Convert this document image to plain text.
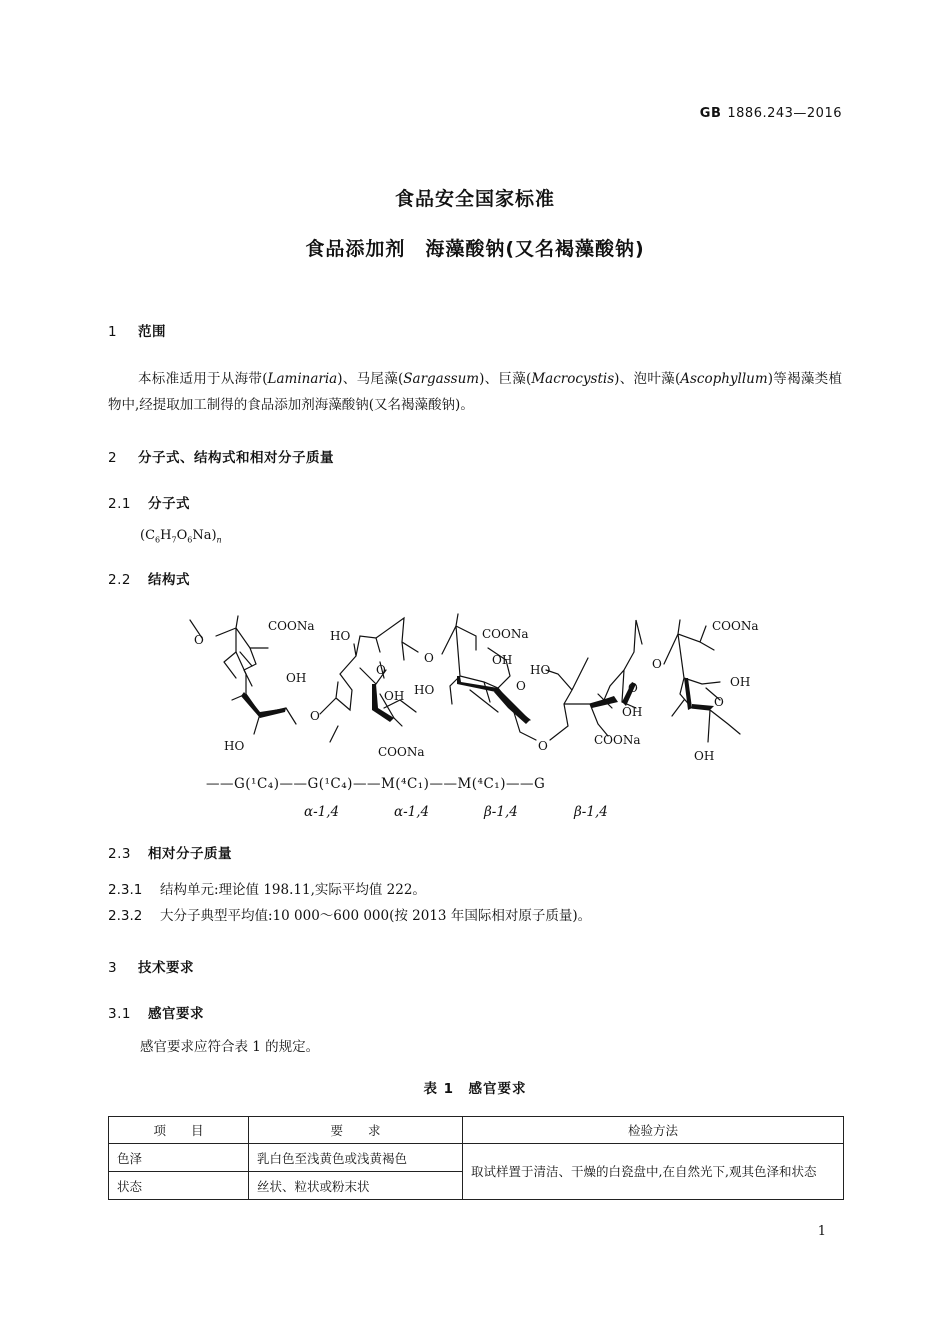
GB 1886.243—2016
食品安全国家标准
食品添加剂　海藻酸钠(又名褐藻酸钠)
1 范围
本标准适用于从海带(Laminaria)、马尾藻(Sargassum)、巨藻(Macrocystis)、泡叶藻(Ascophyllum)等褐藻类植物中,经提取加工制得的食品添加剂海藻酸钠(又名褐藻酸钠)。
2 分子式、结构式和相对分子质量
2.1 分子式
$(C_6H_7O_6Na)_n$
2.2 结构式
O
COONa
OH
HO
O
HO
O
OH
COONa
O
COONa
OH
HO	O
O
HO
OH
COONa
O
O
COONa
OH
O
OH
——G(¹C₄)——G(¹C₄)——M(⁴C₁)——M(⁴C₁)——G
α-1,4	α-1,4	β-1,4	β-1,4
2.3 相对分子质量
2.3.1 结构单元:理论值 198.11,实际平均值 222。
2.3.2 大分子典型平均值:10 000～600 000(按 2013 年国际相对原子质量)。
3 技术要求
3.1 感官要求
感官要求应符合表 1 的规定。
表 1　感官要求
项　　目	要　　求	检验方法
色泽	乳白色至浅黄色或浅黄褐色	取试样置于清洁、干燥的白瓷盘中,在自然光下,观其色泽和状态
状态	丝状、粒状或粉末状	
1
